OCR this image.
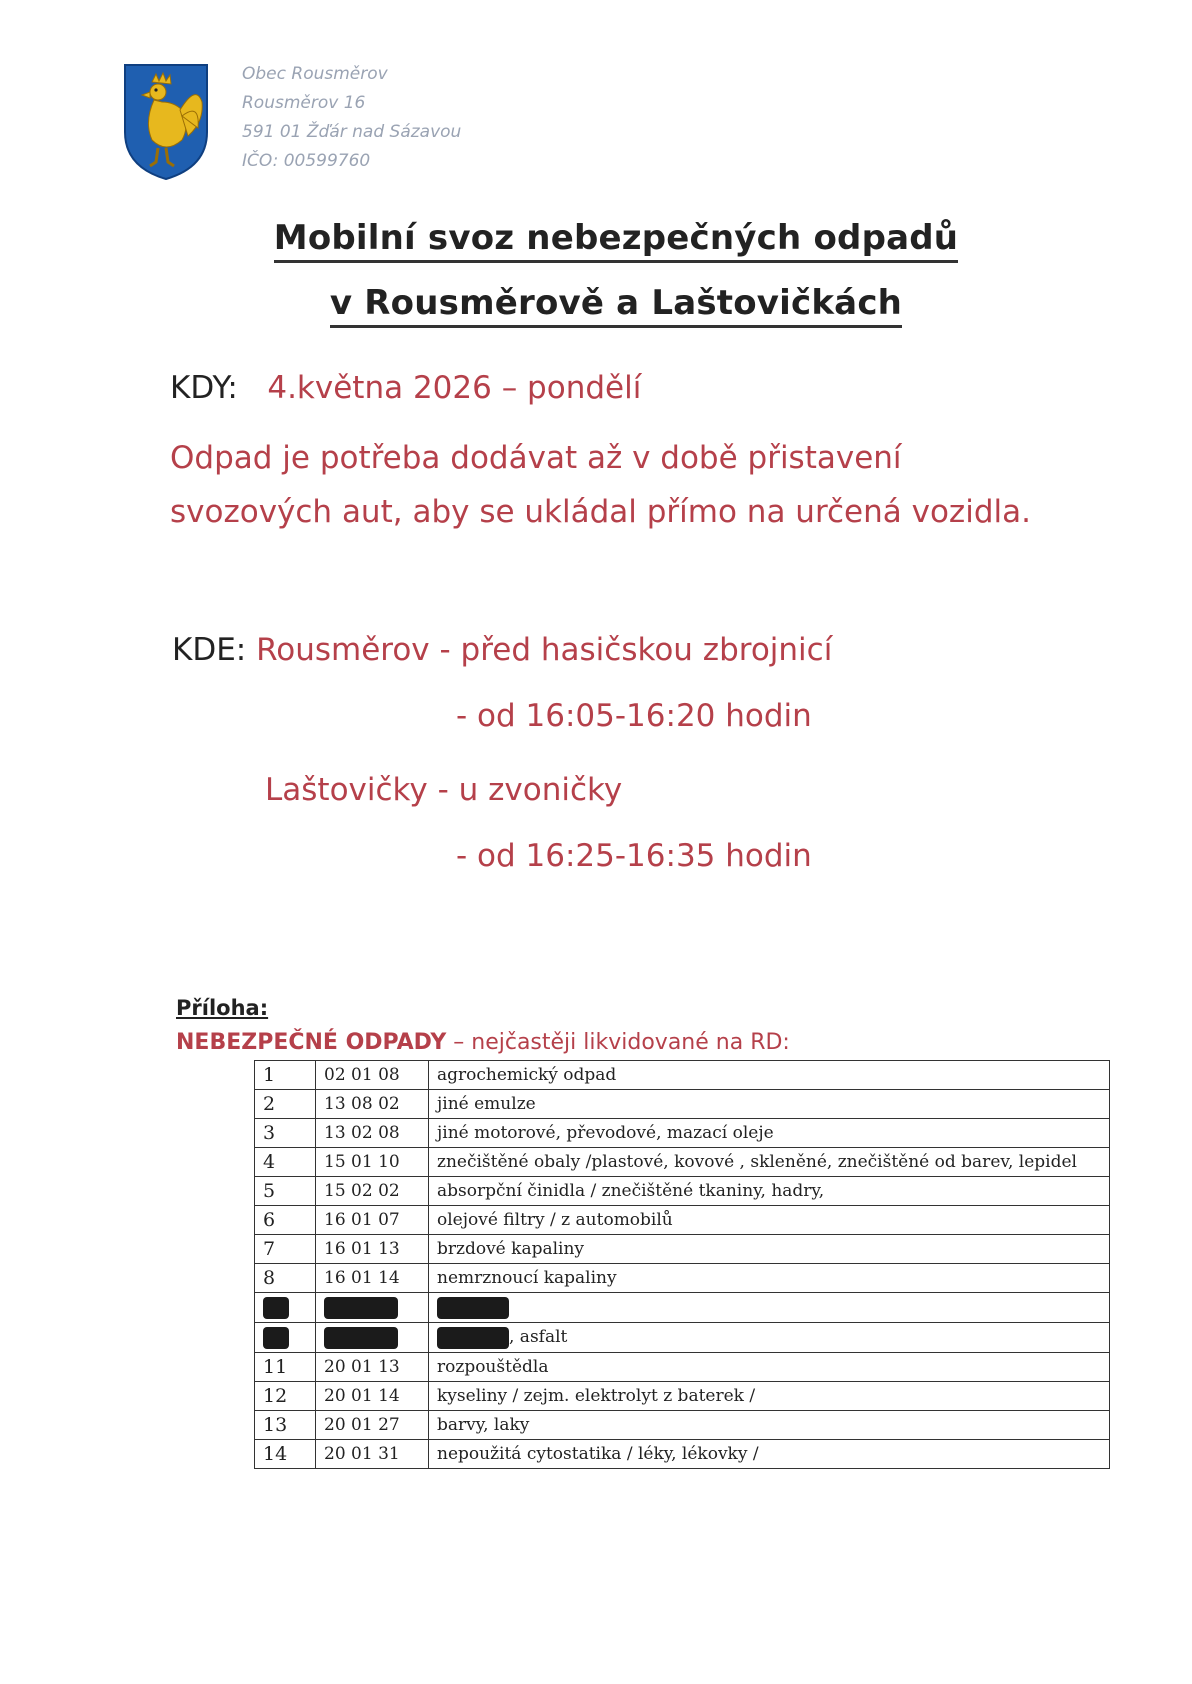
Obec Rousměrov
Rousměrov 16
591 01 Žďár nad Sázavou
IČO: 00599760
Mobilní svoz nebezpečných odpadů
v Rousměrově a Laštovičkách
KDY: 4.května 2026 – pondělí
Odpad je potřeba dodávat až v době přistavení
svozových aut, aby se ukládal přímo na určená vozidla.
KDE: Rousměrov - před hasičskou zbrojnicí
- od 16:05-16:20 hodin
Laštovičky - u zvoničky
- od 16:25-16:35 hodin
Příloha:
NEBEZPEČNÉ ODPADY – nejčastěji likvidované na RD:
1	02 01 08	agrochemický odpad
2	13 08 02	jiné emulze
3	13 02 08	jiné motorové, převodové, mazací oleje
4	15 01 10	znečištěné obaly /plastové, kovové , skleněné, znečištěné od barev, lepidel
5	15 02 02	absorpční činidla / znečištěné tkaniny, hadry,
6	16 01 07	olejové filtry / z automobilů
7	16 01 13	brzdové kapaliny
8	16 01 14	nemrznoucí kapaliny

		, asfalt
11	20 01 13	rozpouštědla
12	20 01 14	kyseliny / zejm. elektrolyt z baterek /
13	20 01 27	barvy, laky
14	20 01 31	nepoužitá cytostatika / léky, lékovky /
